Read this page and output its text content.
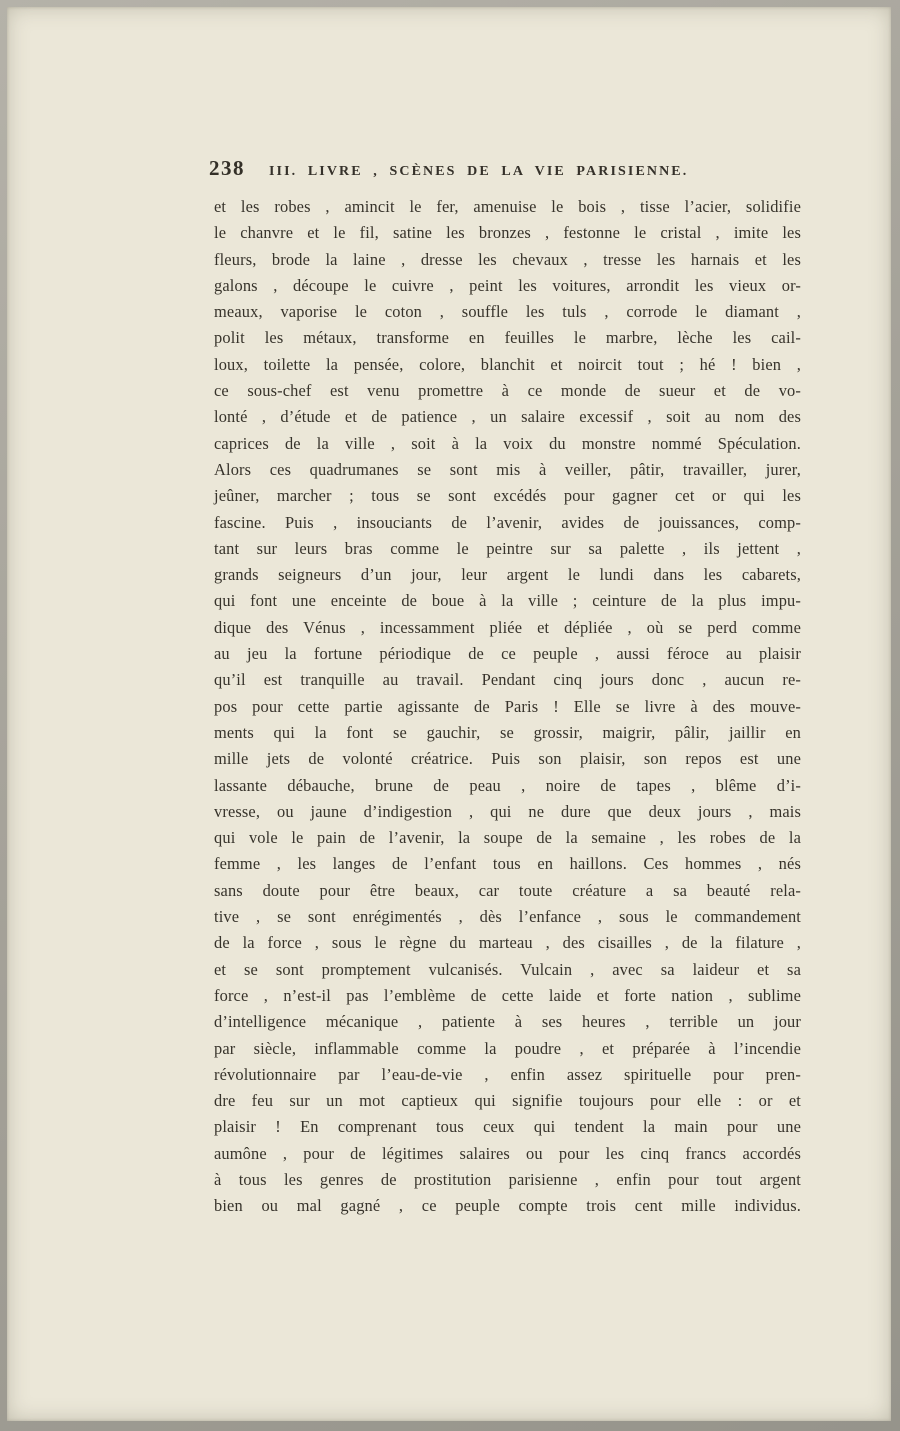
238 III. LIVRE , SCÈNES DE LA VIE PARISIENNE.
et les robes , amincit le fer, amenuise le bois , tisse l’acier, solidifie
le chanvre et le fil, satine les bronzes , festonne le cristal , imite les
fleurs, brode la laine , dresse les chevaux , tresse les harnais et les
galons , découpe le cuivre , peint les voitures, arrondit les vieux or-
meaux, vaporise le coton , souffle les tuls , corrode le diamant ,
polit les métaux, transforme en feuilles le marbre, lèche les cail-
loux, toilette la pensée, colore, blanchit et noircit tout ; hé ! bien ,
ce sous-chef est venu promettre à ce monde de sueur et de vo-
lonté , d’étude et de patience , un salaire excessif , soit au nom des
caprices de la ville , soit à la voix du monstre nommé Spéculation.
Alors ces quadrumanes se sont mis à veiller, pâtir, travailler, jurer,
jeûner, marcher ; tous se sont excédés pour gagner cet or qui les
fascine. Puis , insouciants de l’avenir, avides de jouissances, comp-
tant sur leurs bras comme le peintre sur sa palette , ils jettent ,
grands seigneurs d’un jour, leur argent le lundi dans les cabarets,
qui font une enceinte de boue à la ville ; ceinture de la plus impu-
dique des Vénus , incessamment pliée et dépliée , où se perd comme
au jeu la fortune périodique de ce peuple , aussi féroce au plaisir
qu’il est tranquille au travail. Pendant cinq jours donc , aucun re-
pos pour cette partie agissante de Paris ! Elle se livre à des mouve-
ments qui la font se gauchir, se grossir, maigrir, pâlir, jaillir en
mille jets de volonté créatrice. Puis son plaisir, son repos est une
lassante débauche, brune de peau , noire de tapes , blême d’i-
vresse, ou jaune d’indigestion , qui ne dure que deux jours , mais
qui vole le pain de l’avenir, la soupe de la semaine , les robes de la
femme , les langes de l’enfant tous en haillons. Ces hommes , nés
sans doute pour être beaux, car toute créature a sa beauté rela-
tive , se sont enrégimentés , dès l’enfance , sous le commandement
de la force , sous le règne du marteau , des cisailles , de la filature ,
et se sont promptement vulcanisés. Vulcain , avec sa laideur et sa
force , n’est-il pas l’emblème de cette laide et forte nation , sublime
d’intelligence mécanique , patiente à ses heures , terrible un jour
par siècle, inflammable comme la poudre , et préparée à l’incendie
révolutionnaire par l’eau-de-vie , enfin assez spirituelle pour pren-
dre feu sur un mot captieux qui signifie toujours pour elle : or et
plaisir ! En comprenant tous ceux qui tendent la main pour une
aumône , pour de légitimes salaires ou pour les cinq francs accordés
à tous les genres de prostitution parisienne , enfin pour tout argent
bien ou mal gagné , ce peuple compte trois cent mille individus.
